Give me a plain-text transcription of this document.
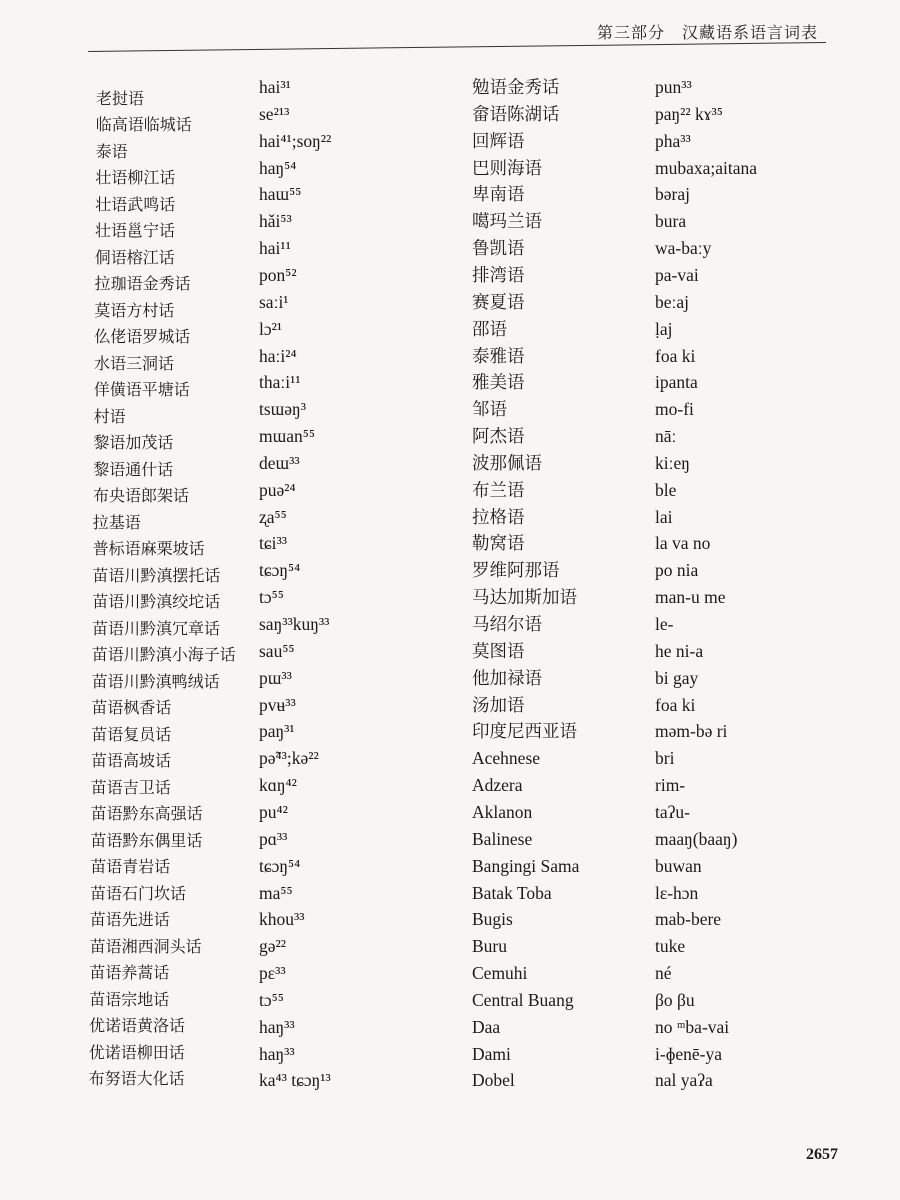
第三部分　汉藏语系语言词表
老挝语
临高语临城话
泰语
壮语柳江话
壮语武鸣话
壮语邕宁话
侗语榕江话
拉珈语金秀话
莫语方村话
仫佬语罗城话
水语三洞话
佯僙语平塘话
村语
黎语加茂话
黎语通什话
布央语郎架话
拉基语
普标语麻栗坡话
苗语川黔滇摆托话
苗语川黔滇绞坨话
苗语川黔滇冗章话
苗语川黔滇小海子话
苗语川黔滇鸭绒话
苗语枫香话
苗语复员话
苗语高坡话
苗语吉卫话
苗语黔东高强话
苗语黔东偶里话
苗语青岩话
苗语石门坎话
苗语先进话
苗语湘西洞头话
苗语养蒿话
苗语宗地话
优诺语黄洛话
优诺语柳田话
布努语大化话
hai³¹
se²¹³
hai⁴¹;soŋ²²
haŋ⁵⁴
haɯ⁵⁵
hǎi⁵³
hai¹¹
pon⁵²
saːi¹
lɔ²¹
haːi²⁴
thaːi¹¹
tsɯəŋ³
mɯan⁵⁵
deɯ³³
puə²⁴
ʐa⁵⁵
tɕi³³
tɕɔŋ⁵⁴
tɔ⁵⁵
saŋ³³kuŋ³³
sau⁵⁵
pɯ³³
pvʉ³³
paŋ³¹
pə̃⁴³;kə²²
kɑŋ⁴²
pu⁴²
pɑ³³
tɕɔŋ⁵⁴
ma⁵⁵
khou³³
gə²²
pɛ³³
tɔ⁵⁵
haŋ³³
haŋ³³
ka⁴³ tɕɔŋ¹³
勉语金秀话
畲语陈湖话
回辉语
巴则海语
卑南语
噶玛兰语
鲁凯语
排湾语
赛夏语
邵语
泰雅语
雅美语
邹语
阿杰语
波那佩语
布兰语
拉格语
勒窝语
罗维阿那语
马达加斯加语
马绍尔语
莫图语
他加禄语
汤加语
印度尼西亚语
Acehnese
Adzera
Aklanon
Balinese
Bangingi Sama
Batak Toba
Bugis
Buru
Cemuhi
Central Buang
Daa
Dami
Dobel
pun³³
paŋ²² kɤ³⁵
pha³³
mubaxa;aitana
bəraj
bura
wa-baːy
pa-vai
beːaj
ḷaj
foa ki
ipanta
mo-fi
nāː
kiːeŋ
ble
lai
la va no
po nia
man-u me
le-
he ni-a
bi gay
foa ki
məm-bə ri
bri
rim-
taʔu-
maaŋ(baaŋ)
buwan
lɛ-hɔn
mab-bere
tuke
né
βo βu
no ᵐba-vai
i-ɸenē-ya
nal yaʔa
2657
